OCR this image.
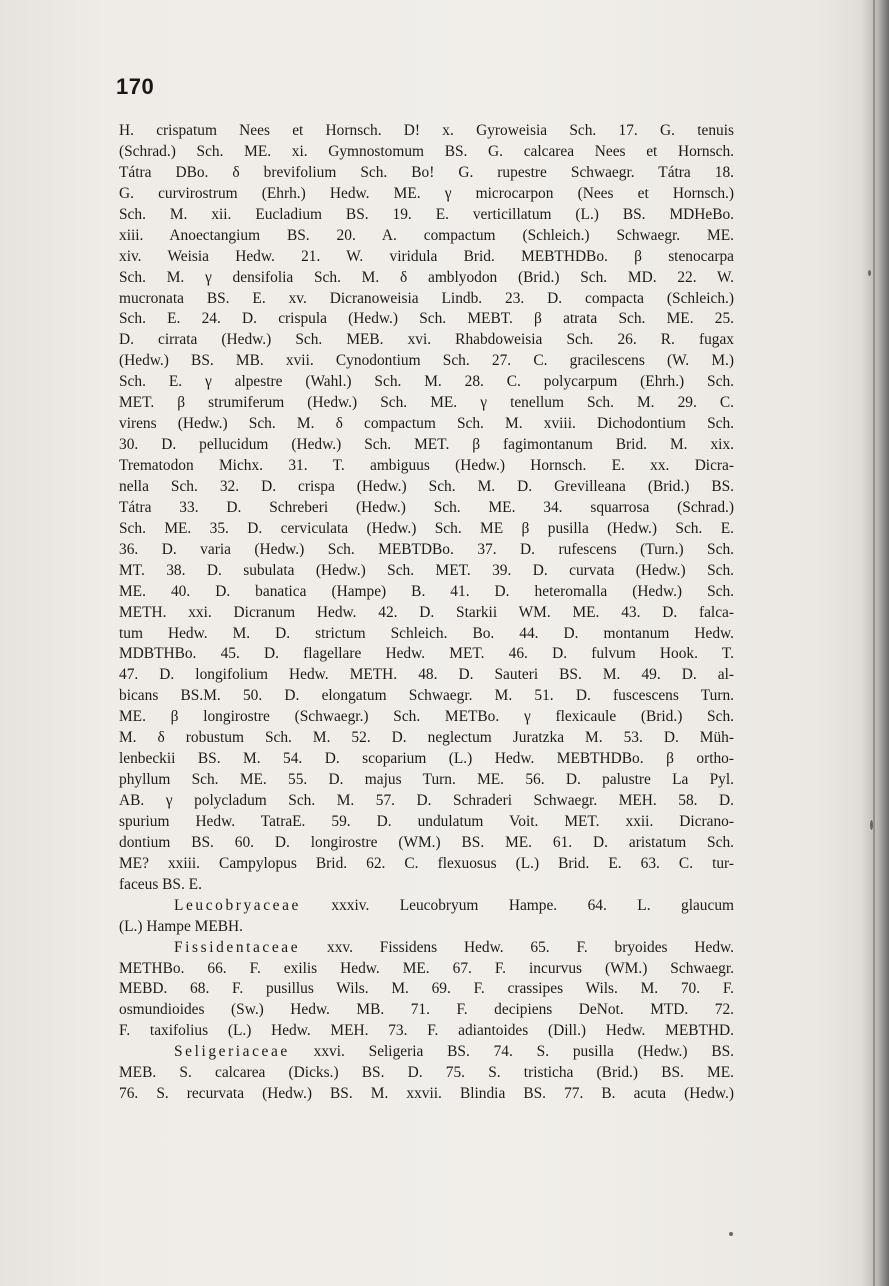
170
H. crispatum Nees et Hornsch. D! x. Gyroweisia Sch. 17. G. tenuis
(Schrad.) Sch. ME. xi. Gymnostomum BS. G. calcarea Nees et Hornsch.
Tátra DBo. δ brevifolium Sch. Bo! G. rupestre Schwaegr. Tátra 18.
G. curvirostrum (Ehrh.) Hedw. ME. γ microcarpon (Nees et Hornsch.)
Sch. M. xii. Eucladium BS. 19. E. verticillatum (L.) BS. MDHeBo.
xiii. Anoectangium BS. 20. A. compactum (Schleich.) Schwaegr. ME.
xiv. Weisia Hedw. 21. W. viridula Brid. MEBTHDBo. β stenocarpa
Sch. M. γ densifolia Sch. M. δ amblyodon (Brid.) Sch. MD. 22. W.
mucronata BS. E. xv. Dicranoweisia Lindb. 23. D. compacta (Schleich.)
Sch. E. 24. D. crispula (Hedw.) Sch. MEBT. β atrata Sch. ME. 25.
D. cirrata (Hedw.) Sch. MEB. xvi. Rhabdoweisia Sch. 26. R. fugax
(Hedw.) BS. MB. xvii. Cynodontium Sch. 27. C. gracilescens (W. M.)
Sch. E. γ alpestre (Wahl.) Sch. M. 28. C. polycarpum (Ehrh.) Sch.
MET. β strumiferum (Hedw.) Sch. ME. γ tenellum Sch. M. 29. C.
virens (Hedw.) Sch. M. δ compactum Sch. M. xviii. Dichodontium Sch.
30. D. pellucidum (Hedw.) Sch. MET. β fagimontanum Brid. M. xix.
Trematodon Michx. 31. T. ambiguus (Hedw.) Hornsch. E. xx. Dicra-
nella Sch. 32. D. crispa (Hedw.) Sch. M. D. Grevilleana (Brid.) BS.
Tátra 33. D. Schreberi (Hedw.) Sch. ME. 34. squarrosa (Schrad.)
Sch. ME. 35. D. cerviculata (Hedw.) Sch. ME β pusilla (Hedw.) Sch. E.
36. D. varia (Hedw.) Sch. MEBTDBo. 37. D. rufescens (Turn.) Sch.
MT. 38. D. subulata (Hedw.) Sch. MET. 39. D. curvata (Hedw.) Sch.
ME. 40. D. banatica (Hampe) B. 41. D. heteromalla (Hedw.) Sch.
METH. xxi. Dicranum Hedw. 42. D. Starkii WM. ME. 43. D. falca-
tum Hedw. M. D. strictum Schleich. Bo. 44. D. montanum Hedw.
MDBTHBo. 45. D. flagellare Hedw. MET. 46. D. fulvum Hook. T.
47. D. longifolium Hedw. METH. 48. D. Sauteri BS. M. 49. D. al-
bicans BS.M. 50. D. elongatum Schwaegr. M. 51. D. fuscescens Turn.
ME. β longirostre (Schwaegr.) Sch. METBo. γ flexicaule (Brid.) Sch.
M. δ robustum Sch. M. 52. D. neglectum Juratzka M. 53. D. Müh-
lenbeckii BS. M. 54. D. scoparium (L.) Hedw. MEBTHDBo. β ortho-
phyllum Sch. ME. 55. D. majus Turn. ME. 56. D. palustre La Pyl.
AB. γ polycladum Sch. M. 57. D. Schraderi Schwaegr. MEH. 58. D.
spurium Hedw. TatraE. 59. D. undulatum Voit. MET. xxii. Dicrano-
dontium BS. 60. D. longirostre (WM.) BS. ME. 61. D. aristatum Sch.
ME? xxiii. Campylopus Brid. 62. C. flexuosus (L.) Brid. E. 63. C. tur-
faceus BS. E.
Leucobryaceae xxxiv. Leucobryum Hampe. 64. L. glaucum
(L.) Hampe MEBH.
Fissidentaceae xxv. Fissidens Hedw. 65. F. bryoides Hedw.
METHBo. 66. F. exilis Hedw. ME. 67. F. incurvus (WM.) Schwaegr.
MEBD. 68. F. pusillus Wils. M. 69. F. crassipes Wils. M. 70. F.
osmundioides (Sw.) Hedw. MB. 71. F. decipiens DeNot. MTD. 72.
F. taxifolius (L.) Hedw. MEH. 73. F. adiantoides (Dill.) Hedw. MEBTHD.
Seligeriaceae xxvi. Seligeria BS. 74. S. pusilla (Hedw.) BS.
MEB. S. calcarea (Dicks.) BS. D. 75. S. tristicha (Brid.) BS. ME.
76. S. recurvata (Hedw.) BS. M. xxvii. Blindia BS. 77. B. acuta (Hedw.)
